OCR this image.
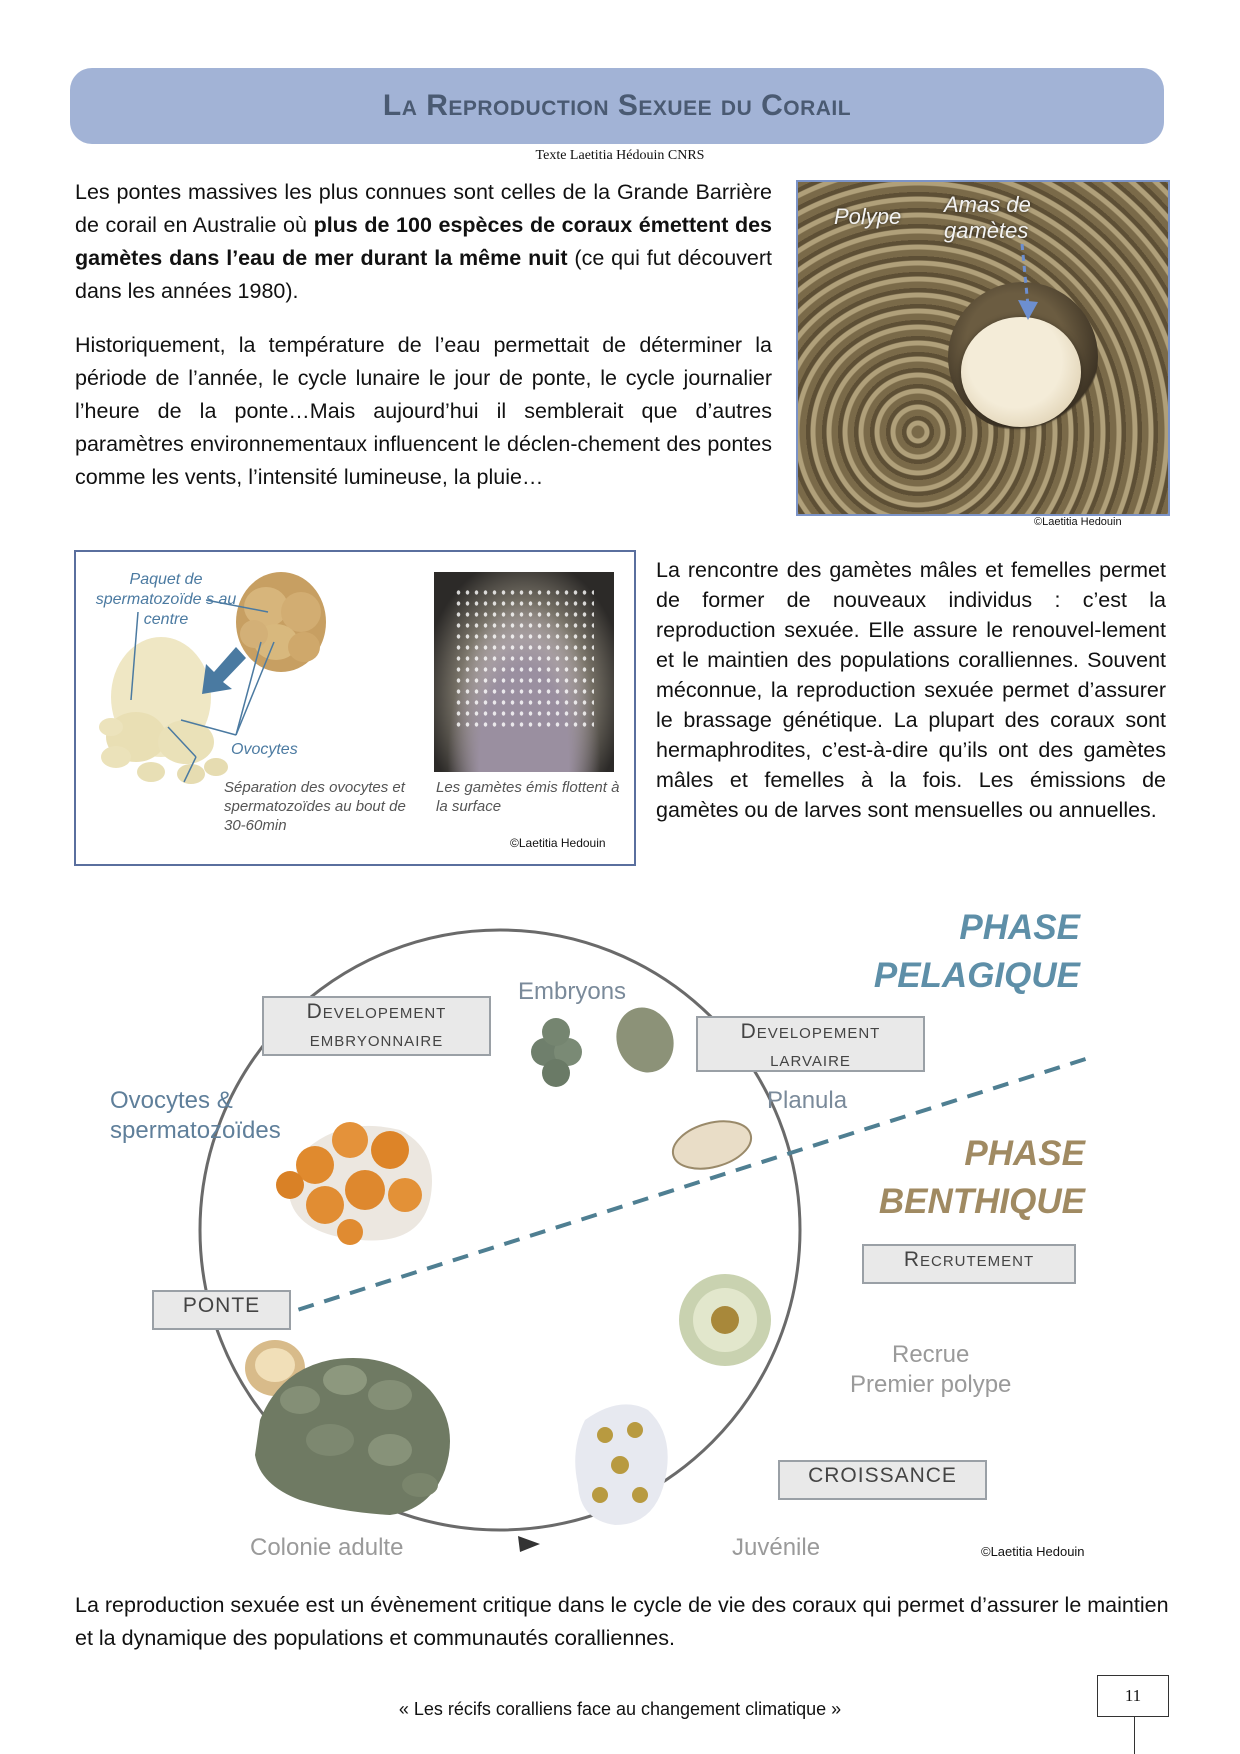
La Reproduction Sexuee du Corail
Texte Laetitia Hédouin CNRS
Les pontes massives les plus connues sont celles de la Grande Barrière de corail en Australie où plus de 100 espèces de coraux émettent des gamètes dans l’eau de mer durant la même nuit (ce qui fut découvert dans les années 1980).
Historiquement, la température de l’eau permettait de déterminer la période de l’année, le cycle lunaire le jour de ponte, le cycle journalier l’heure de la ponte…Mais aujourd’hui il semblerait que d’autres paramètres environnementaux influencent le déclen-chement des pontes comme les vents, l’intensité lumineuse, la pluie…
Polype Amas de gamètes
©Laetitia Hedouin
Paquet de spermatozoïde s au centre
Ovocytes
Séparation des ovocytes et spermatozoïdes au bout de 30-60min
Les gamètes émis flottent à la surface
©Laetitia Hedouin
La rencontre des gamètes mâles et femelles permet de former de nouveaux individus : c’est la reproduction sexuée. Elle assure le renouvel-lement et le maintien des populations coralliennes. Souvent méconnue, la reproduction sexuée permet d’assurer le brassage génétique. La plupart des coraux sont hermaphrodites, c’est-à-dire qu’ils ont des gamètes mâles et femelles à la fois. Les émissions de gamètes ou de larves sont mensuelles ou annuelles.
PHASE
PELAGIQUE
PHASE
BENTHIQUE
Developement
embryonnaire	Developement
larvaire
Recrutement
CROISSANCE
PONTE
Embryons
Ovocytes &
spermatozoïdes
Planula
Recrue
Premier polype
Juvénile
Colonie adulte	©Laetitia Hedouin
La reproduction sexuée est un évènement critique dans le cycle de vie des coraux qui permet d’assurer le maintien et la dynamique des populations et communautés coralliennes.
« Les récifs coralliens face au changement climatique »
11
